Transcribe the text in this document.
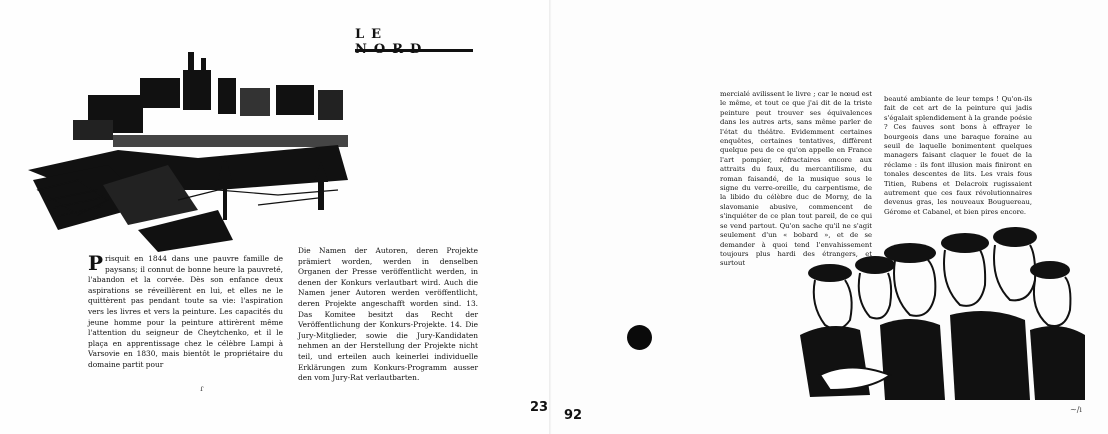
LE
P risquit en 1844 dans une pauvre famille de paysans; il connut de bonne heure la pauvreté, l'abandon et la corvée. Dès son enfance deux aspirations se réveillèrent en lui, et elles ne le quittèrent pas pendant toute sa vie: l'aspiration vers les livres et vers la peinture. Les capacités du jeune homme pour la peinture attirèrent même l'attention du seigneur de Cheytchenko, et il le plaça en apprentissage chez le célèbre Lampi à Varsovie en 1830, mais bientôt le propriétaire du domaine partit pour
Die Namen der Autoren, deren Projekte prämiert worden, werden in denselben Organen der Presse veröffentlicht werden, in denen der Konkurs verlautbart wird. Auch die Namen jener Autoren werden veröffentlicht, deren Projekte angeschafft worden sind. 13. Das Komitee besitzt das Recht der Veröffentlichung der Konkurs-Projekte. 14. Die Jury-Mitglieder, sowie die Jury-Kandidaten nehmen an der Herstellung der Projekte nicht teil, und erteilen auch keinerlei individuelle Erklärungen zum Konkurs-Programm ausser den vom Jury-Rat verlautbarten.
ɾ
23
92
mercialé avilissent le livre ; car le nœud est le même, et tout ce que j'ai dit de la triste peinture peut trouver ses équivalences dans les autres arts, sans même parler de l'état du théâtre. Evidemment certaines enquêtes, certaines tentatives, diffèrent quelque peu de ce qu'on appelle en France l'art pompier, réfractaires encore aux attraits du faux, du mercantilisme, du roman faisandé, de la musique sous le signe du verre-oreille, du carpentisme, de la libido du célèbre duc de Morny, de la slavomanie abusive, commencent de s'inquiéter de ce plan tout pareil, de ce qui se vend partout. Qu'on sache qu'il ne s'agit seulement d'un « bobard », et de se demander à quoi tend l'envahissement toujours plus hardi des étrangers, et surtout
beauté ambiante de leur temps ! Qu'on-ils fait de cet art de la peinture qui jadis s'égalait splendidement à la grande poésie ? Ces fauves sont bons à effrayer le bourgeois dans une baraque foraine au seuil de laquelle bonimentent quelques managers faisant claquer le fouet de la réclame : ils font illusion mais finiront en tonales descentes de lits. Les vrais fous Titien, Rubens et Delacroix rugissaient autrement que ces faux révolutionnaires devenus gras, les nouveaux Bouguereau, Gérome et Cabanel, et bien pires encore.
~/ı
